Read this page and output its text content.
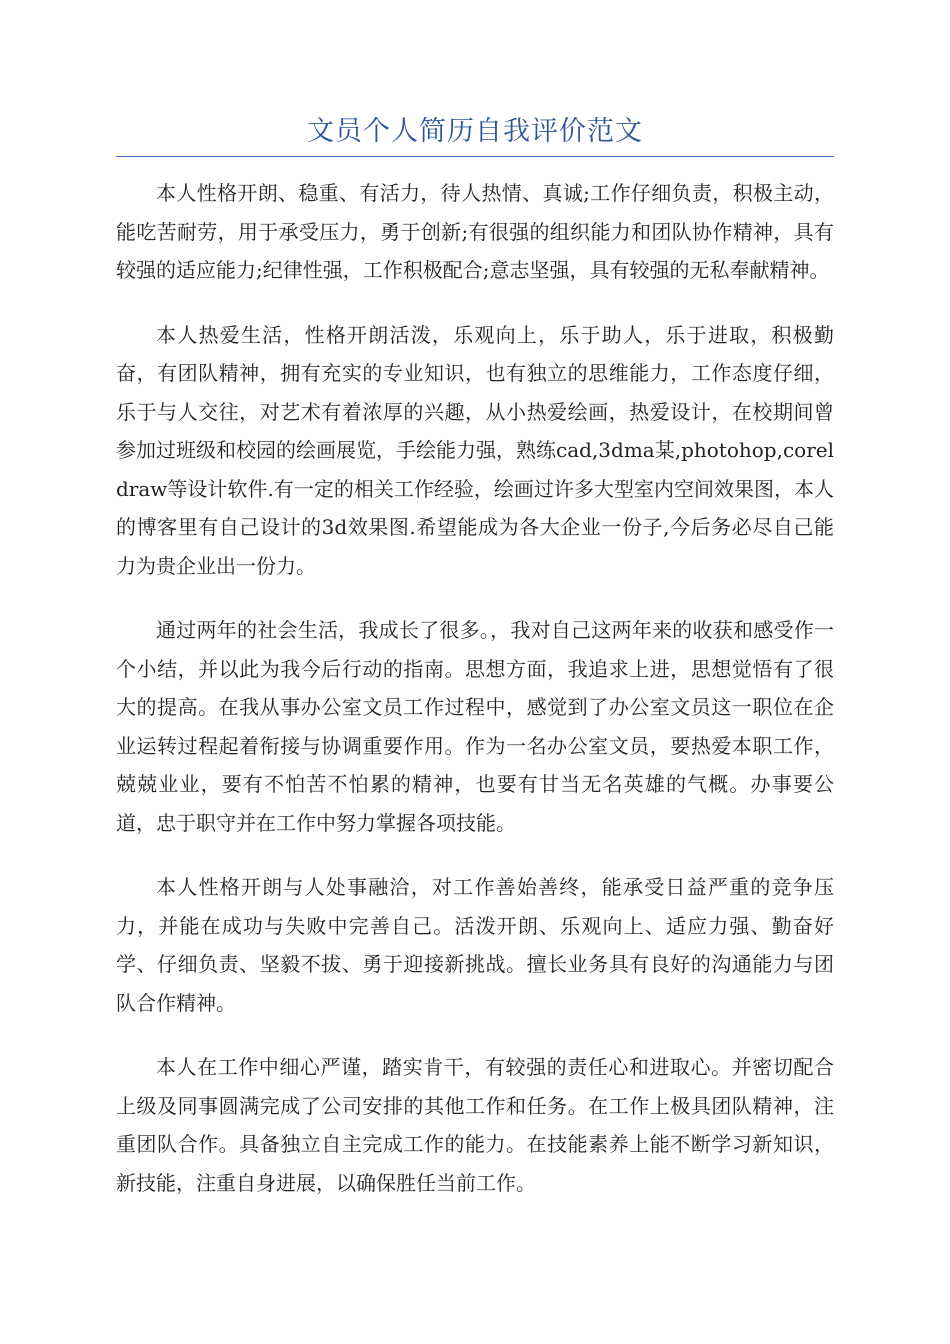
文员个人简历自我评价范文

本人性格开朗、稳重、有活力，待人热情、真诚;工作仔细负责，积极主动，能吃苦耐劳，用于承受压力，勇于创新;有很强的组织能力和团队协作精神，具有较强的适应能力;纪律性强，工作积极配合;意志坚强，具有较强的无私奉献精神。

本人热爱生活，性格开朗活泼，乐观向上，乐于助人，乐于进取，积极勤奋，有团队精神，拥有充实的专业知识，也有独立的思维能力，工作态度仔细，乐于与人交往，对艺术有着浓厚的兴趣，从小热爱绘画，热爱设计，在校期间曾参加过班级和校园的绘画展览，手绘能力强，熟练cad,3dma某,photohop,coreldraw等设计软件.有一定的相关工作经验，绘画过许多大型室内空间效果图，本人的博客里有自己设计的3d效果图.希望能成为各大企业一份子,今后务必尽自己能力为贵企业出一份力。

通过两年的社会生活，我成长了很多。，我对自己这两年来的收获和感受作一个小结，并以此为我今后行动的指南。思想方面，我追求上进，思想觉悟有了很大的提高。在我从事办公室文员工作过程中，感觉到了办公室文员这一职位在企业运转过程起着衔接与协调重要作用。作为一名办公室文员，要热爱本职工作，兢兢业业，要有不怕苦不怕累的精神，也要有甘当无名英雄的气概。办事要公道，忠于职守并在工作中努力掌握各项技能。

本人性格开朗与人处事融洽，对工作善始善终，能承受日益严重的竞争压力，并能在成功与失败中完善自己。活泼开朗、乐观向上、适应力强、勤奋好学、仔细负责、坚毅不拔、勇于迎接新挑战。擅长业务具有良好的沟通能力与团队合作精神。

本人在工作中细心严谨，踏实肯干，有较强的责任心和进取心。并密切配合上级及同事圆满完成了公司安排的其他工作和任务。在工作上极具团队精神，注重团队合作。具备独立自主完成工作的能力。在技能素养上能不断学习新知识，新技能，注重自身进展，以确保胜任当前工作。
